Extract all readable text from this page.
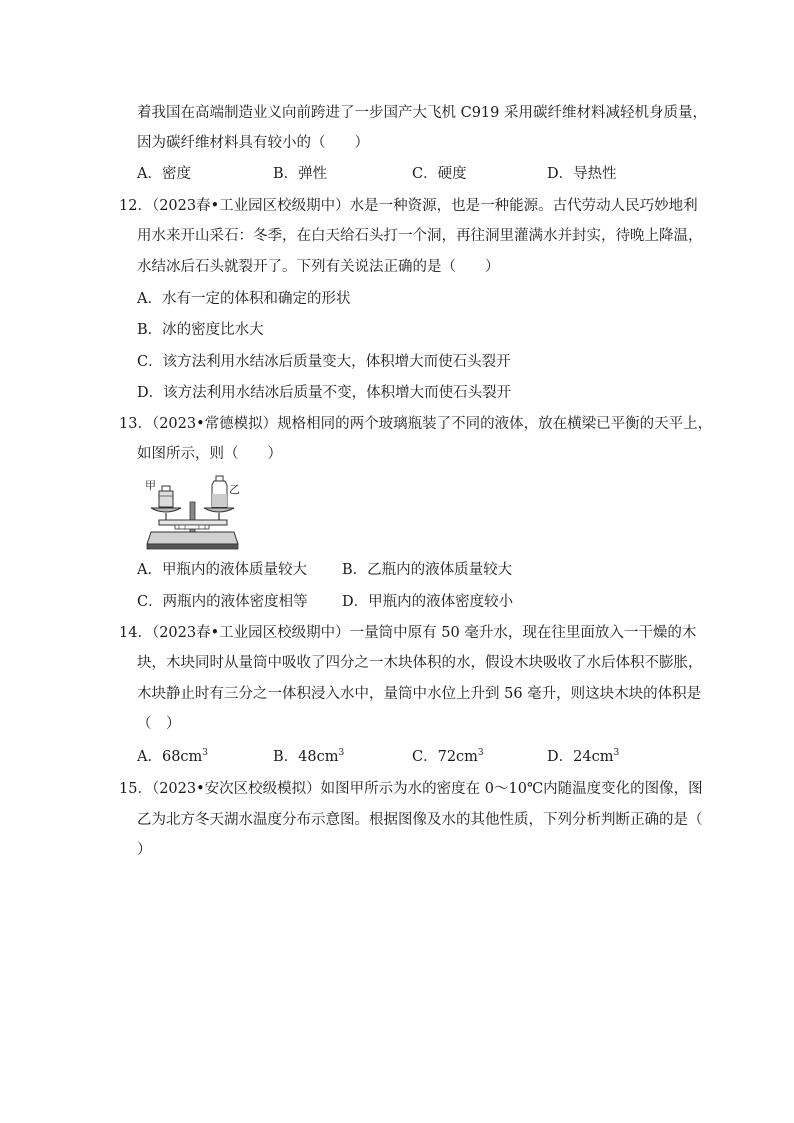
着我国在高端制造业义向前跨进了一步国产大飞机 C919 采用碳纤维材料减轻机身质量，
因为碳纤维材料具有较小的（　　）
A．密度	B．弹性	C．硬度	D．导热性
12．（2023春•工业园区校级期中）水是一种资源，也是一种能源。古代劳动人民巧妙地利
用水来开山采石：冬季，在白天给石头打一个洞，再往洞里灌满水并封实，待晚上降温，
水结冰后石头就裂开了。下列有关说法正确的是（　　）
A．水有一定的体积和确定的形状
B．冰的密度比水大
C．该方法利用水结冰后质量变大，体积增大而使石头裂开
D．该方法利用水结冰后质量不变，体积增大而使石头裂开
13．（2023•常德模拟）规格相同的两个玻璃瓶装了不同的液体，放在横梁已平衡的天平上，
如图所示，则（　　）
甲	乙
A．甲瓶内的液体质量较大 B．乙瓶内的液体质量较大
C．两瓶内的液体密度相等 D．甲瓶内的液体密度较小
14．（2023春•工业园区校级期中）一量筒中原有 50 毫升水，现在往里面放入一干燥的木
块，木块同时从量筒中吸收了四分之一木块体积的水，假设木块吸收了水后体积不膨胀，
木块静止时有三分之一体积浸入水中，量筒中水位上升到 56 毫升，则这块木块的体积是
（　）
A．$68cm^3$	B．$48cm^3$	C．$72cm^3$	D．$24cm^3$
15．（2023•安次区校级模拟）如图甲所示为水的密度在 0～10℃内随温度变化的图像，图
乙为北方冬天湖水温度分布示意图。根据图像及水的其他性质，下列分析判断正确的是（
）
